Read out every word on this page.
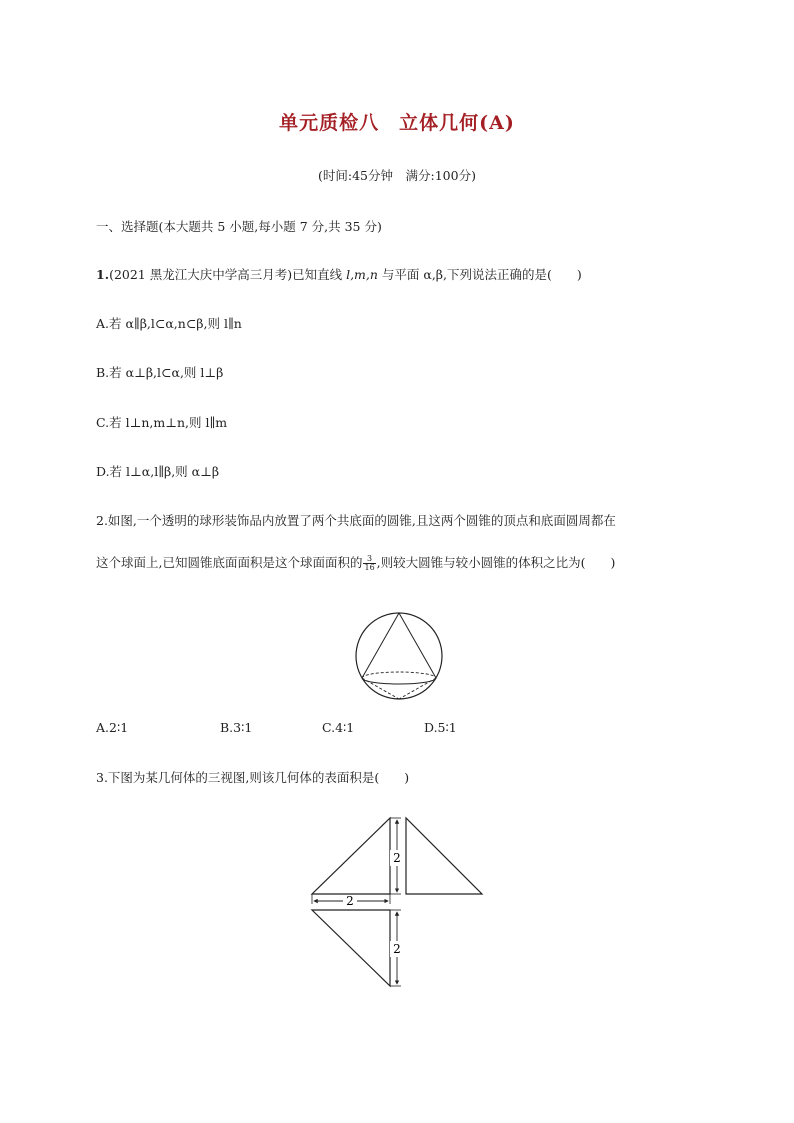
单元质检八　立体几何(A)
(时间:45分钟　满分:100分)
一、选择题(本大题共 5 小题,每小题 7 分,共 35 分)
1.(2021 黑龙江大庆中学高三月考)已知直线 l,m,n 与平面 α,β,下列说法正确的是(　　)
A.若 α∥β,l⊂α,n⊂β,则 l∥n
B.若 α⊥β,l⊂α,则 l⊥β
C.若 l⊥n,m⊥n,则 l∥m
D.若 l⊥α,l∥β,则 α⊥β
2.如图,一个透明的球形装饰品内放置了两个共底面的圆锥,且这两个圆锥的顶点和底面圆周都在
这个球面上,已知圆锥底面面积是这个球面面积的 $\frac{3}{16}$ ,则较大圆锥与较小圆锥的体积之比为(　　)
A.2∶1	B.3∶1	C.4∶1	D.5∶1
3.下图为某几何体的三视图,则该几何体的表面积是(　　)
2
2
2
